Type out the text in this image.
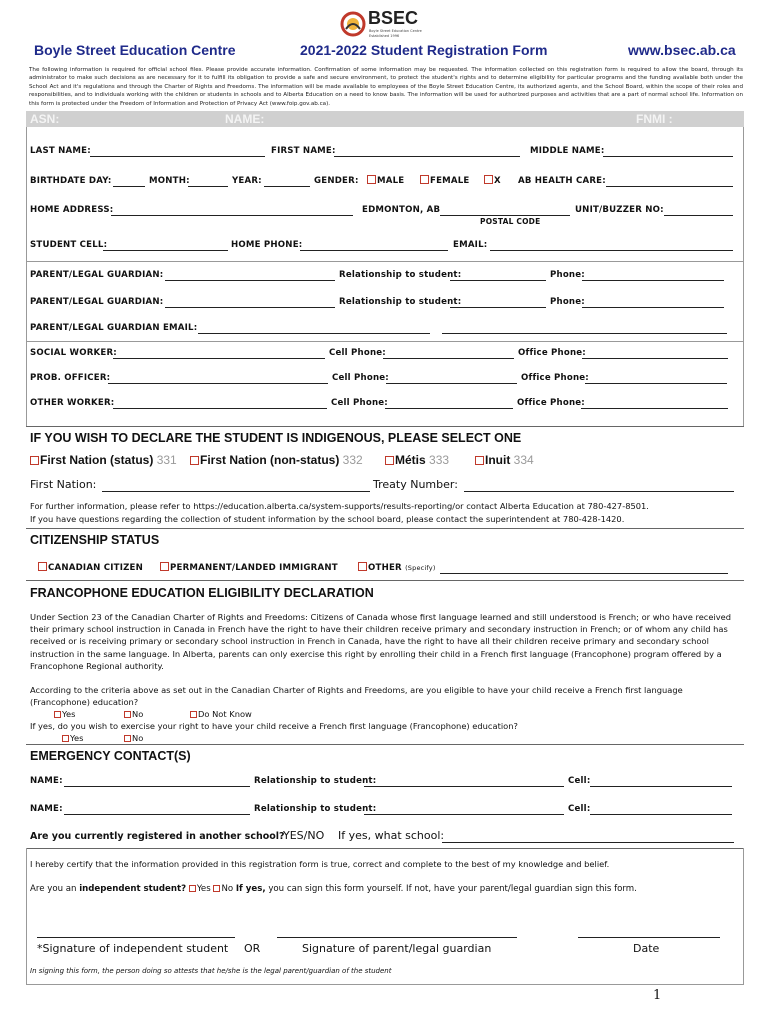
BSEC
Boyle Street Education Centre
Established 1996
Boyle Street Education Centre	2021-2022 Student Registration Form	www.bsec.ab.ca
The following information is required for official school files. Please provide accurate information. Confirmation of some information may be requested. The information collected on this registration form is required to allow the board, through its administrator to make such decisions as are necessary for it to fulfill its obligation to provide a safe and secure environment, to protect the student's rights and to determine eligibility for particular programs and the funding available both under the School Act and it's regulations and through the Charter of Rights and Freedoms. The information will be made available to employees of the Boyle Street Education Centre, its authorized agents, and the School Board, within the scope of their roles and responsibilities, and to individuals working with the children or students in schools and to Alberta Education on a need to know basis. The information will be used for authorized purposes and activities that are a part of normal school life. Information on this form is protected under the Freedom of Information and Protection of Privacy Act (www.foip.gov.ab.ca).
ASN:	NAME:	FNMI :
LAST NAME:	FIRST NAME:	MIDDLE NAME:
BIRTHDATE DAY:	MONTH:	YEAR:	GENDER:	MALE	FEMALE	X AB HEALTH CARE:
HOME ADDRESS:	EDMONTON, AB
POSTAL CODE
UNIT/BUZZER NO:
STUDENT CELL:	HOME PHONE:	EMAIL:
PARENT/LEGAL GUARDIAN:	Relationship to student:	Phone:
PARENT/LEGAL GUARDIAN:	Relationship to student:	Phone:
PARENT/LEGAL GUARDIAN EMAIL:
SOCIAL WORKER:	Cell Phone:	Office Phone:
PROB. OFFICER:	Cell Phone:	Office Phone:
OTHER WORKER:	Cell Phone:	Office Phone:
IF YOU WISH TO DECLARE THE STUDENT IS INDIGENOUS, PLEASE SELECT ONE
First Nation (status) 331	First Nation (non-status) 332	Métis 333	Inuit 334
First Nation:	Treaty Number:
For further information, please refer to https://education.alberta.ca/system-supports/results-reporting/or contact Alberta Education at 780-427-8501.
If you have questions regarding the collection of student information by the school board, please contact the superintendent at 780-428-1420.
CITIZENSHIP STATUS
CANADIAN CITIZEN	PERMANENT/LANDED IMMIGRANT	OTHER (Specify)
FRANCOPHONE EDUCATION ELIGIBILITY DECLARATION
Under Section 23 of the Canadian Charter of Rights and Freedoms: Citizens of Canada whose first language learned and still understood is French; or who have received their primary school instruction in Canada in French have the right to have their children receive primary and secondary instruction in French; or of whom any child has received or is receiving primary or secondary school instruction in French in Canada, have the right to have all their children receive primary and secondary school instruction in the same language. In Alberta, parents can only exercise this right by enrolling their child in a French first language (Francophone) program offered by a Francophone Regional authority.
According to the criteria above as set out in the Canadian Charter of Rights and Freedoms, are you eligible to have your child receive a French first language (Francophone) education?
Yes	No	Do Not Know
If yes, do you wish to exercise your right to have your child receive a French first language (Francophone) education?
Yes	No
EMERGENCY CONTACT(S)
NAME:	Relationship to student:	Cell:
NAME:	Relationship to student:	Cell:
Are you currently registered in another school?
YES/NO If yes, what school:
I hereby certify that the information provided in this registration form is true, correct and complete to the best of my knowledge and belief.
Are you an independent student? Yes No If yes, you can sign this form yourself. If not, have your parent/legal guardian sign this form.
*Signature of independent student OR	Signature of parent/legal guardian	Date
In signing this form, the person doing so attests that he/she is the legal parent/guardian of the student
1
